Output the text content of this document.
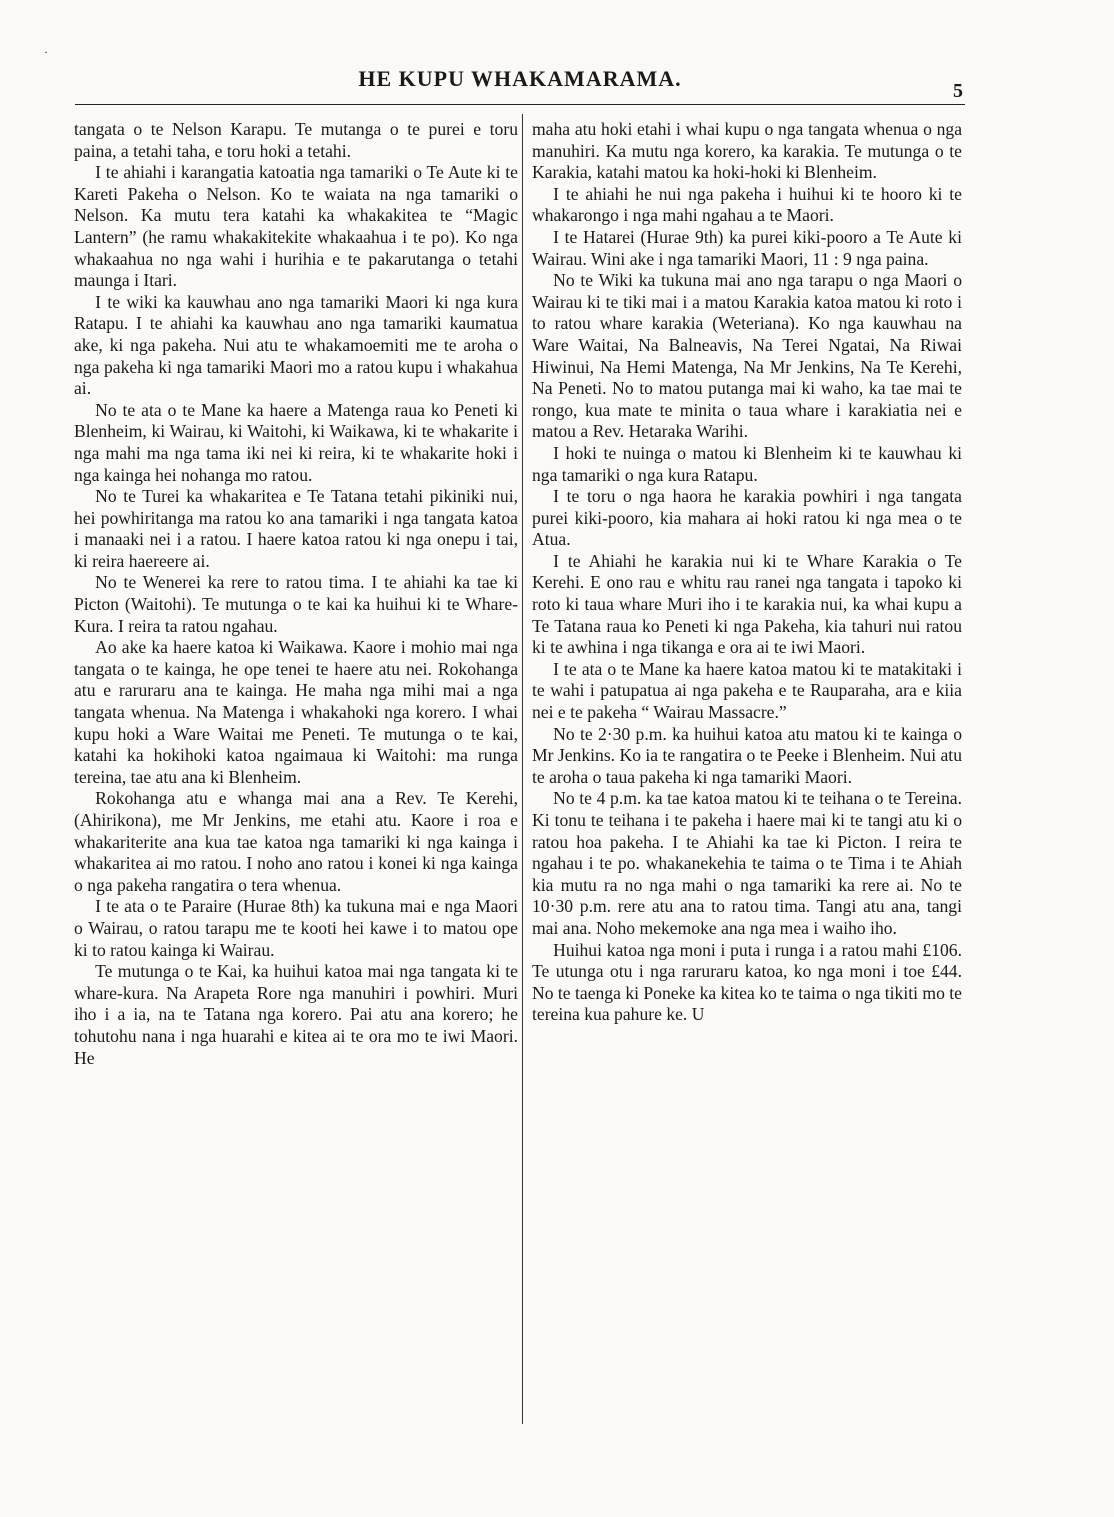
·
HE KUPU WHAKAMARAMA.	5

tangata o te Nelson Karapu. Te mutanga o te purei e toru paina, a tetahi taha, e toru hoki a tetahi.

I te ahiahi i karangatia katoatia nga tamariki o Te Aute ki te Kareti Pakeha o Nelson. Ko te waiata na nga tamariki o Nelson. Ka mutu tera katahi ka whakakitea te “Magic Lantern” (he ramu whakakitekite whakaahua i te po). Ko nga whakaahua no nga wahi i hurihia e te pakarutanga o tetahi maunga i Itari.

I te wiki ka kauwhau ano nga tamariki Maori ki nga kura Ratapu. I te ahiahi ka kauwhau ano nga tamariki kaumatua ake, ki nga pakeha. Nui atu te whakamoemiti me te aroha o nga pakeha ki nga tamariki Maori mo a ratou kupu i whakahua ai.

No te ata o te Mane ka haere a Matenga raua ko Peneti ki Blenheim, ki Wairau, ki Waitohi, ki Waikawa, ki te whakarite i nga mahi ma nga tama iki nei ki reira, ki te whakarite hoki i nga kainga hei nohanga mo ratou.

No te Turei ka whakaritea e Te Tatana tetahi pikiniki nui, hei powhiritanga ma ratou ko ana tamariki i nga tangata katoa i manaaki nei i a ratou. I haere katoa ratou ki nga onepu i tai, ki reira haereere ai.

No te Wenerei ka rere to ratou tima. I te ahiahi ka tae ki Picton (Waitohi). Te mutunga o te kai ka huihui ki te Whare-Kura. I reira ta ratou ngahau.

Ao ake ka haere katoa ki Waikawa. Kaore i mohio mai nga tangata o te kainga, he ope tenei te haere atu nei. Rokohanga atu e raruraru ana te kainga. He maha nga mihi mai a nga tangata whenua. Na Matenga i whakahoki nga korero. I whai kupu hoki a Ware Waitai me Peneti. Te mutunga o te kai, katahi ka hokihoki katoa ngaimaua ki Waitohi: ma runga tereina, tae atu ana ki Blenheim.

Rokohanga atu e whanga mai ana a Rev. Te Kerehi, (Ahirikona), me Mr Jenkins, me etahi atu. Kaore i roa e whakariterite ana kua tae katoa nga tamariki ki nga kainga i whakaritea ai mo ratou. I noho ano ratou i konei ki nga kainga o nga pakeha rangatira o tera whenua.

I te ata o te Paraire (Hurae 8th) ka tukuna mai e nga Maori o Wairau, o ratou tarapu me te kooti hei kawe i to matou ope ki to ratou kainga ki Wairau.

Te mutunga o te Kai, ka huihui katoa mai nga tangata ki te whare-kura. Na Arapeta Rore nga manuhiri i powhiri. Muri iho i a ia, na te Tatana nga korero. Pai atu ana korero; he tohutohu nana i nga huarahi e kitea ai te ora mo te iwi Maori. He

maha atu hoki etahi i whai kupu o nga tangata whenua o nga manuhiri. Ka mutu nga korero, ka karakia. Te mutunga o te Karakia, katahi matou ka hoki-hoki ki Blenheim.

I te ahiahi he nui nga pakeha i huihui ki te hooro ki te whakarongo i nga mahi ngahau a te Maori.

I te Hatarei (Hurae 9th) ka purei kiki-pooro a Te Aute ki Wairau. Wini ake i nga tamariki Maori, 11 : 9 nga paina.

No te Wiki ka tukuna mai ano nga tarapu o nga Maori o Wairau ki te tiki mai i a matou Karakia katoa matou ki roto i to ratou whare karakia (Weteriana). Ko nga kauwhau na Ware Waitai, Na Balneavis, Na Terei Ngatai, Na Riwai Hiwinui, Na Hemi Matenga, Na Mr Jenkins, Na Te Kerehi, Na Peneti. No to matou putanga mai ki waho, ka tae mai te rongo, kua mate te minita o taua whare i karakiatia nei e matou a Rev. Hetaraka Warihi.

I hoki te nuinga o matou ki Blenheim ki te kauwhau ki nga tamariki o nga kura Ratapu.

I te toru o nga haora he karakia powhiri i nga tangata purei kiki-pooro, kia mahara ai hoki ratou ki nga mea o te Atua.

I te Ahiahi he karakia nui ki te Whare Karakia o Te Kerehi. E ono rau e whitu rau ranei nga tangata i tapoko ki roto ki taua whare Muri iho i te karakia nui, ka whai kupu a Te Tatana raua ko Peneti ki nga Pakeha, kia tahuri nui ratou ki te awhina i nga tikanga e ora ai te iwi Maori.

I te ata o te Mane ka haere katoa matou ki te matakitaki i te wahi i patupatua ai nga pakeha e te Rauparaha, ara e kiia nei e te pakeha “ Wairau Massacre.”

No te 2·30 p.m. ka huihui katoa atu matou ki te kainga o Mr Jenkins. Ko ia te rangatira o te Peeke i Blenheim. Nui atu te aroha o taua pakeha ki nga tamariki Maori.

No te 4 p.m. ka tae katoa matou ki te teihana o te Tereina. Ki tonu te teihana i te pakeha i haere mai ki te tangi atu ki o ratou hoa pakeha. I te Ahiahi ka tae ki Picton. I reira te ngahau i te po. whakanekehia te taima o te Tima i te Ahiah kia mutu ra no nga mahi o nga tamariki ka rere ai. No te 10·30 p.m. rere atu ana to ratou tima. Tangi atu ana, tangi mai ana. Noho mekemoke ana nga mea i waiho iho.

Huihui katoa nga moni i puta i runga i a ratou mahi £106. Te utunga otu i nga raruraru katoa, ko nga moni i toe £44. No te taenga ki Poneke ka kitea ko te taima o nga tikiti mo te tereina kua pahure ke. U
